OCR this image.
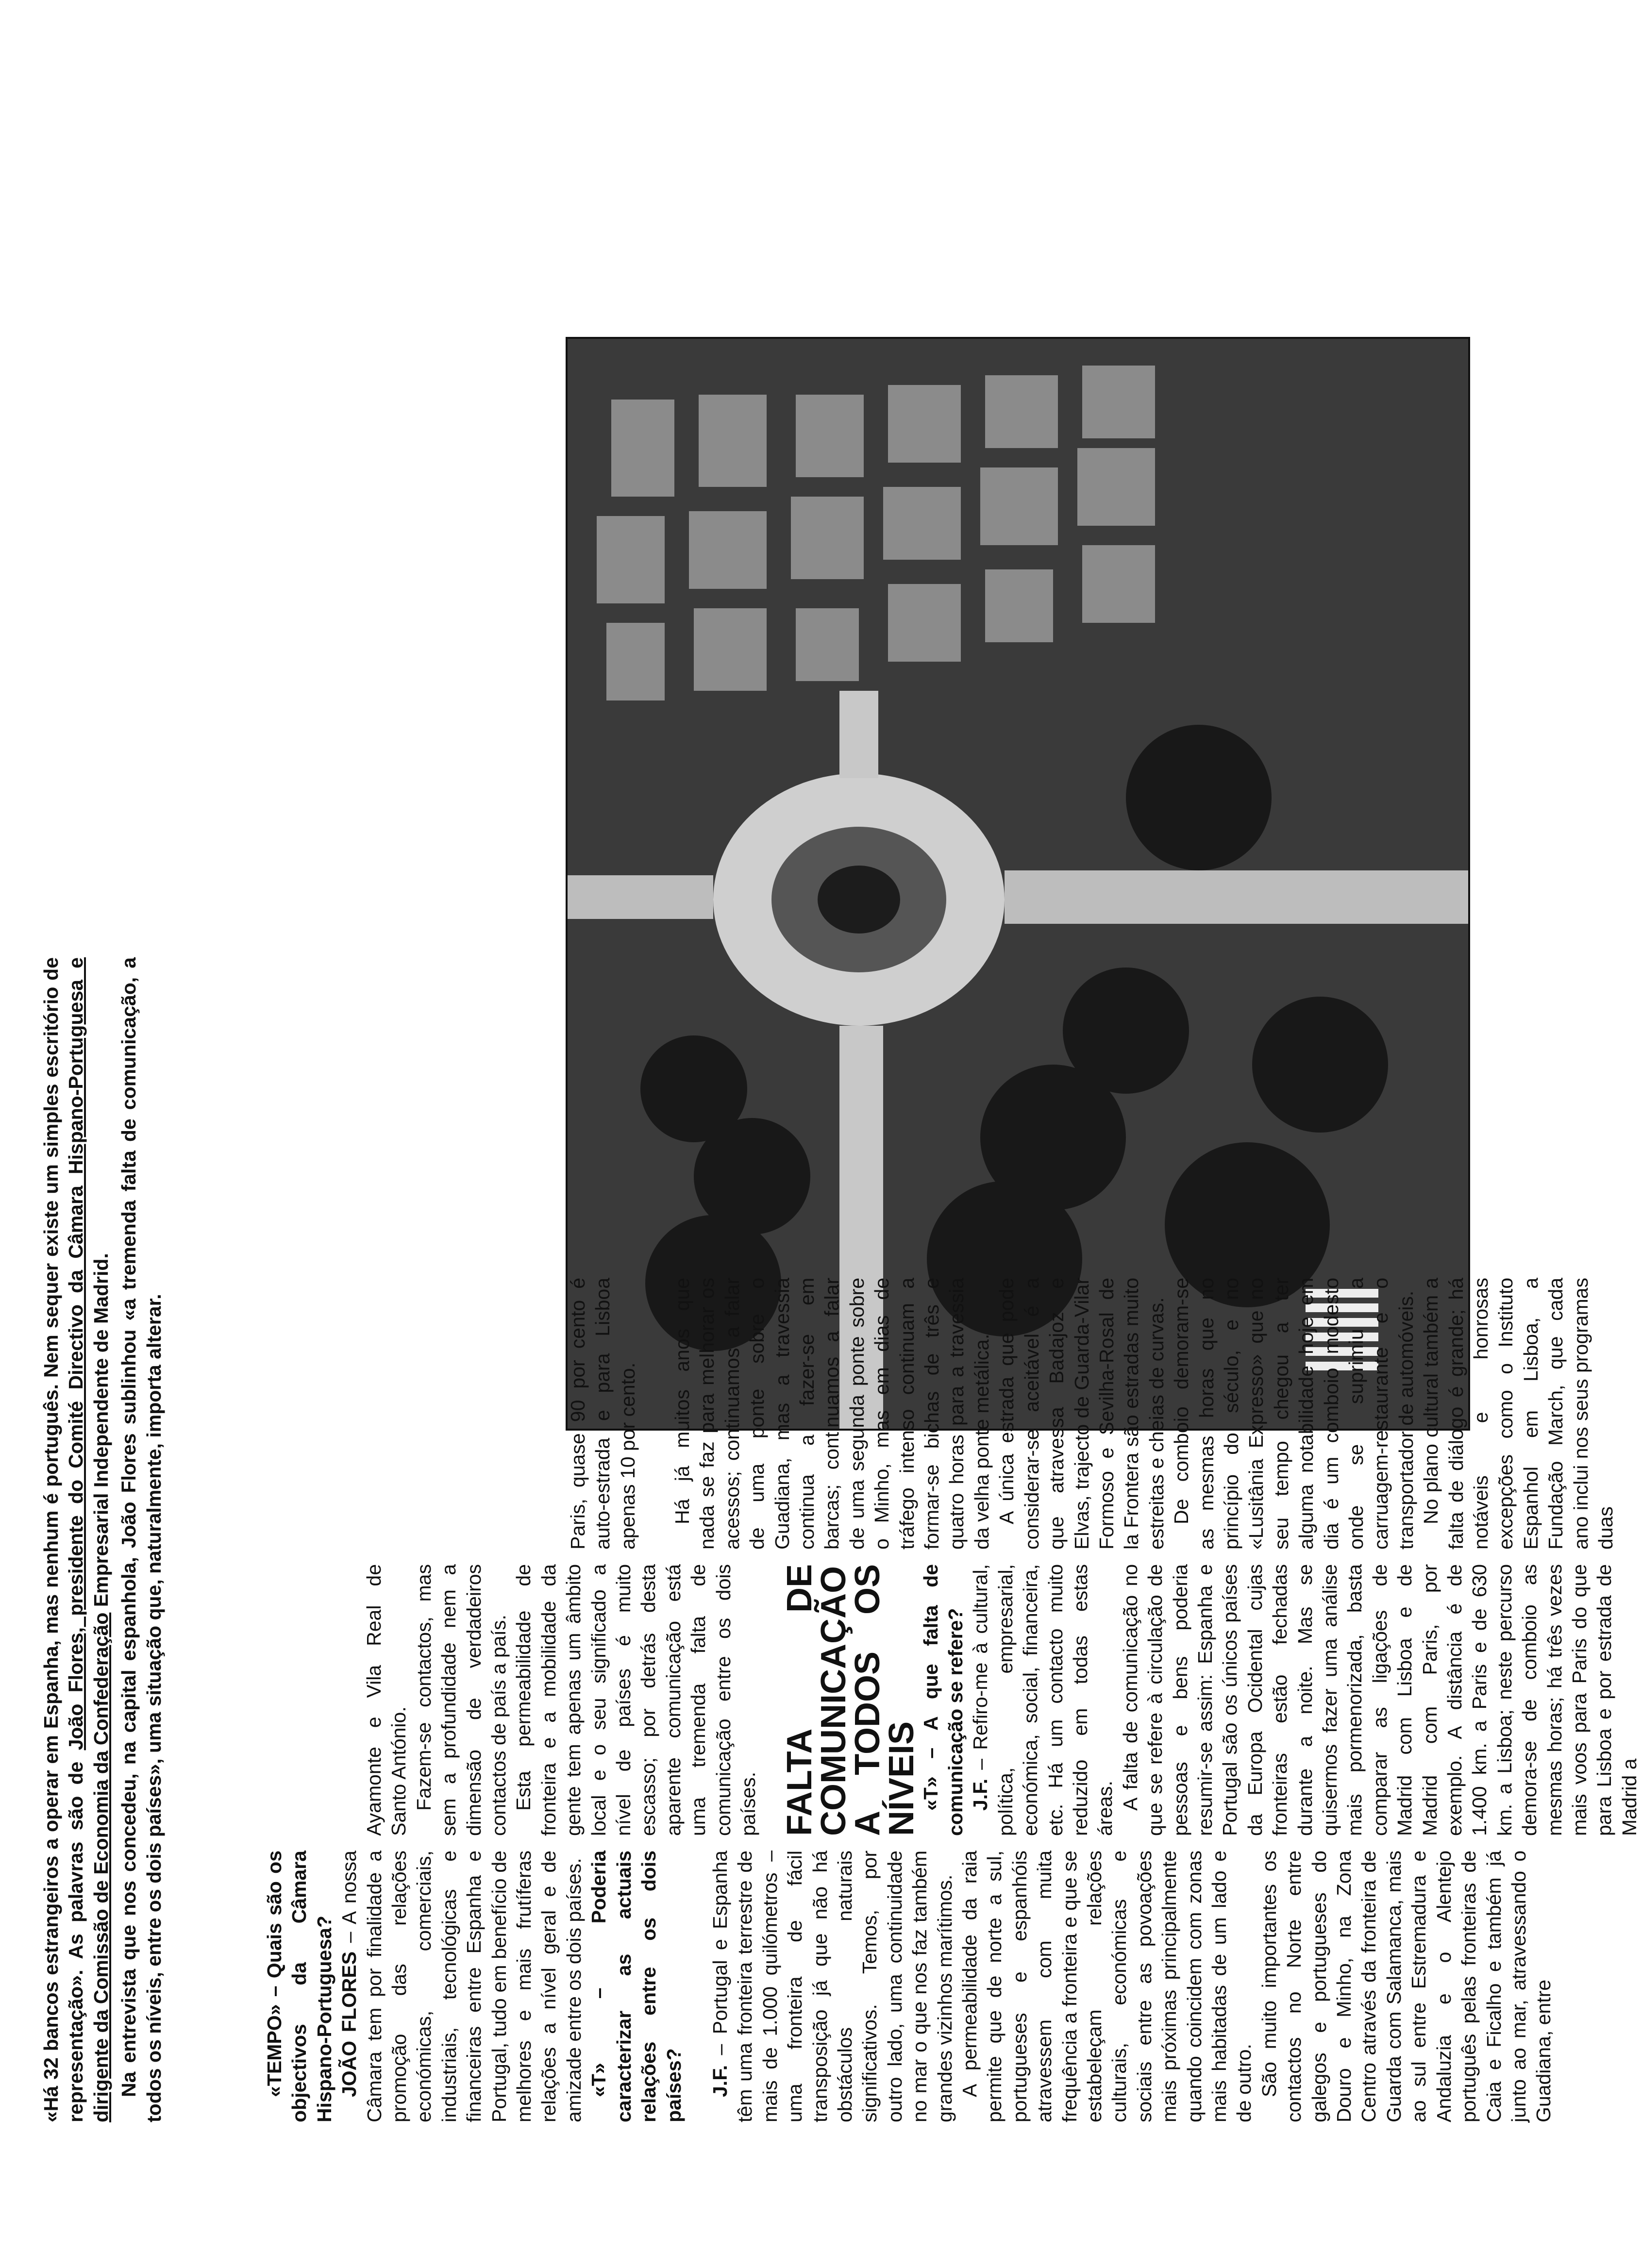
«Há 32 bancos estrangeiros a operar em Espanha, mas nenhum é português. Nem sequer existe um simples escritório de representação». As palavras são de João Flores, presidente do Comité Directivo da Câmara Hispano-Portuguesa e dirigente da Comissão de Economia da Confederação Empresarial Independente de Madrid. Na entrevista que nos concedeu, na capital espanhola, João Flores sublinhou «a tremenda falta de comunicação, a todos os níveis, entre os dois países», uma situação que, naturalmente, importa alterar.	«TEMPO» – Quais são os objectivos da Câmara Hispano-Portuguesa? JOÃO FLORES – A nossa Câmara tem por finalidade a promoção das relações económicas, comerciais, industriais, tecnológicas e financeiras entre Espanha e Portugal, tudo em benefício de melhores e mais frutíferas relações a nível geral e de amizade entre os dois países. «T» – Poderia caracterizar as actuais relações entre os dois países? J.F. – Portugal e Espanha têm uma fronteira terrestre de mais de 1.000 quilómetros – uma fronteira de fácil transposição já que não há obstáculos naturais significativos. Temos, por outro lado, uma continuidade no mar o que nos faz também grandes vizinhos marítimos. A permeabilidade da raia permite que de norte a sul, portugueses e espanhóis atravessem com muita frequência a fronteira e que se estabeleçam relações culturais, económicas e sociais entre as povoações mais próximas principalmente quando coincidem com zonas mais habitadas de um lado e de outro. São muito importantes os contactos no Norte entre galegos e portugueses do Douro e Minho, na Zona Centro através da fronteira de Guarda com Salamanca, mais ao sul entre Estremadura e Andaluzia e o Alentejo português pelas fronteiras de Caia e Ficalho e também já junto ao mar, atravessando o Guadiana, entre

Ayamonte e Vila Real de Santo António. Fazem-se contactos, mas sem a profundidade nem a dimensão de verdadeiros contactos de país a país. Esta permeabilidade de fronteira e a mobilidade da gente tem apenas um âmbito local e o seu significado a nível de países é muito escasso; por detrás desta aparente comunicação está uma tremenda falta de comunicação entre os dois países. FALTA DE COMUNICAÇÃO A TODOS OS NÍVEIS

«T» – A que falta de comunicação se refere? J.F. – Refiro-me à cultural, política, empresarial, económica, social, financeira, etc. Há um contacto muito reduzido em todas estas áreas. A falta de comunicação no que se refere à circulação de pessoas e bens poderia resumir-se assim: Espanha e Portugal são os únicos países da Europa Ocidental cujas fronteiras estão fechadas durante a noite. Mas se quisermos fazer uma análise mais pormenorizada, basta comparar as ligações de Madrid com Lisboa e de Madrid com Paris, por exemplo. A distância é de 1.400 km. a Paris e de 630 km. a Lisboa; neste percurso demora-se de comboio as mesmas horas; há três vezes mais voos para Paris do que para Lisboa e por estrada de Madrid a

Paris, quase 90 por cento é auto-estrada e para Lisboa apenas 10 por cento. Há já muitos anos que nada se faz para melhorar os acessos; continuamos a falar de uma ponte sobre o Guadiana, mas a travessia continua a fazer-se em barcas; continuamos a falar de uma segunda ponte sobre o Minho, mas em dias de tráfego intenso continuam a formar-se bichas de três e quatro horas para a travessia da velha ponte metálica. A única estrada que pode considerar-se aceitável é a que atravessa Badajoz e Elvas, trajecto de Guarda-Vilar Formoso e Sevilha-Rosal de la Frontera são estradas muito estreitas e cheias de curvas. De comboio demoram-se as mesmas horas que no princípio do século, e no «Lusitânia Expresso» que no seu tempo chegou a ter alguma notabilidade hoje em dia é um comboio modesto onde se suprimiu a carruagem-restaurante e o transportador de automóveis. No plano cultural também a falta de diálogo é grande; há notáveis e honrosas excepções como o Instituto Espanhol em Lisboa, a Fundação March, que cada ano inclui nos seus programas duas
